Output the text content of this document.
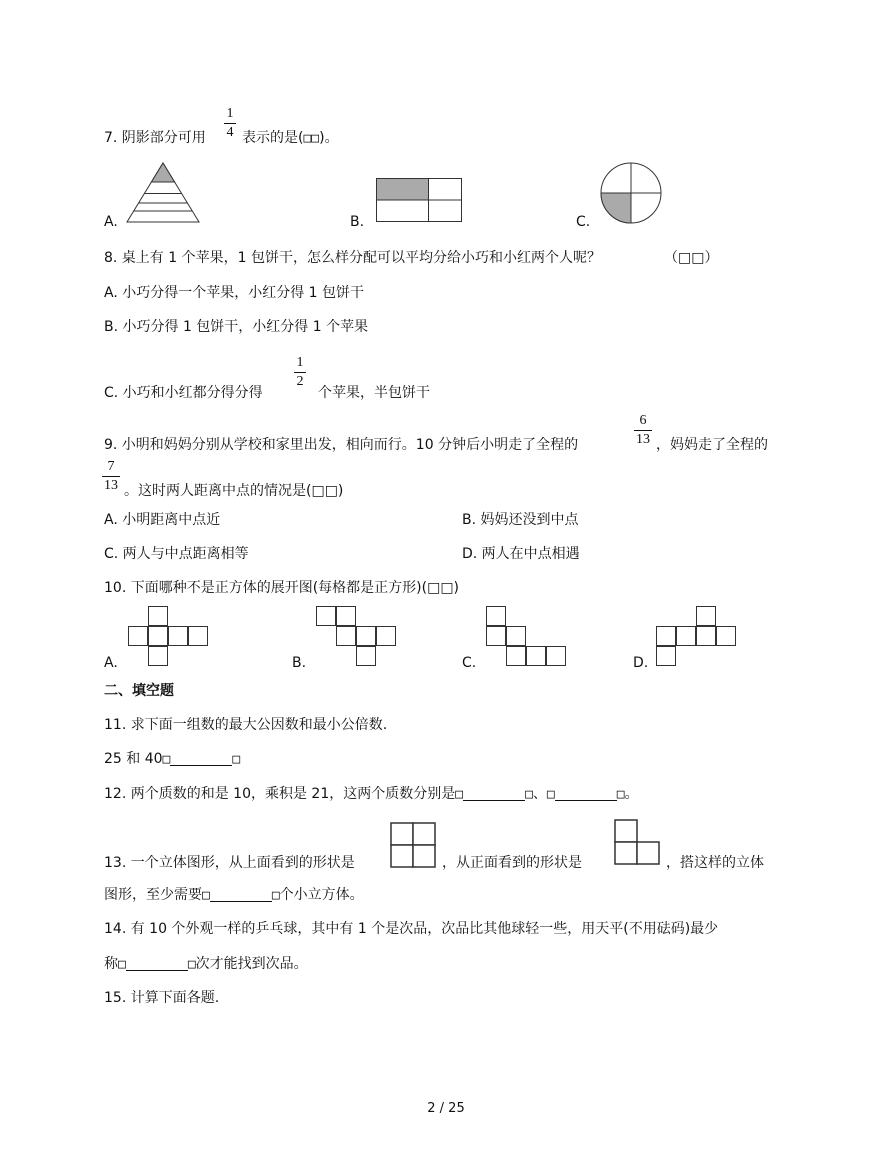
7. 阴影部分可用
1
4 表示的是(□□)。
A.	B.	C.
8. 桌上有 1 个苹果，1 包饼干，怎么样分配可以平均分给小巧和小红两个人呢？	（□□）
A. 小巧分得一个苹果，小红分得 1 包饼干
B. 小巧分得 1 包饼干，小红分得 1 个苹果
C. 小巧和小红都分得分得
1
2
个苹果，半包饼干
9. 小明和妈妈分别从学校和家里出发，相向而行。10 分钟后小明走了全程的
6
13 ，妈妈走了全程的
7
13 。这时两人距离中点的情况是(□□)
A. 小明距离中点近	B. 妈妈还没到中点
C. 两人与中点距离相等	D. 两人在中点相遇
10. 下面哪种不是正方体的展开图(每格都是正方形)(□□)
A.	B.	C.	D.
二、填空题
11. 求下面一组数的最大公因数和最小公倍数.
25 和 40□	□
12. 两个质数的和是 10，乘积是 21，这两个质数分别是□	□、□	□。
13. 一个立体图形，从上面看到的形状是	，从正面看到的形状是	，搭这样的立体
图形，至少需要□	□个小立方体。
14. 有 10 个外观一样的乒乓球，其中有 1 个是次品，次品比其他球轻一些，用天平(不用砝码)最少
称□	□次才能找到次品。
15. 计算下面各题.
2 / 25
